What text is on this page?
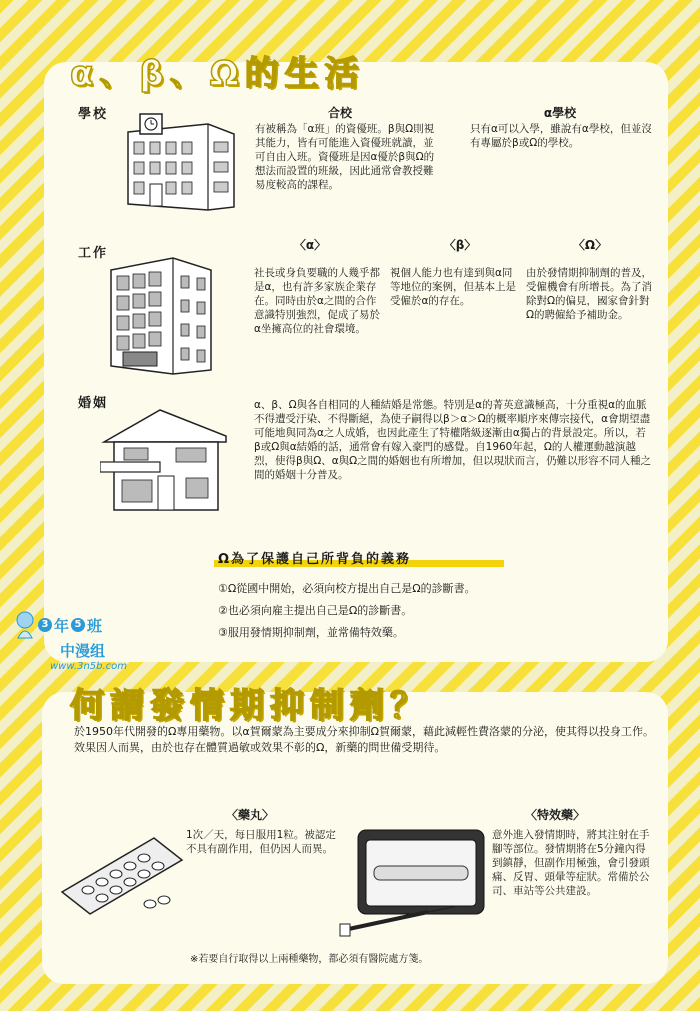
α、β、Ω的生活
學校	合校
有被稱為「α班」的資優班。β與Ω則視其能力，皆有可能進入資優班就讀，並可自由入班。資優班是因α優於β與Ω的想法而設置的班級，因此通常會教授難易度較高的課程。
α學校
只有α可以入學，雖說有α學校，但並沒有專屬於β或Ω的學校。
工作
〈α〉
社長或身負要職的人幾乎都是α，也有許多家族企業存在。同時由於α之間的合作意識特別強烈，促成了易於α坐擁高位的社會環境。
〈β〉
視個人能力也有達到與α同等地位的案例，但基本上是受僱於α的存在。
〈Ω〉
由於發情期抑制劑的普及，受僱機會有所增長。為了消除對Ω的偏見，國家會針對Ω的聘僱給予補助金。
婚姻	α、β、Ω與各自相同的人種結婚是常態。特別是α的菁英意識極高，十分重視α的血脈不得遭受汙染、不得斷絕，為使子嗣得以β＞α＞Ω的概率順序來傳宗接代，α會期望盡可能地與同為α之人成婚，也因此產生了特權階級逐漸由α獨占的背景設定。所以，若β或Ω與α結婚的話，通常會有嫁入豪門的感覺。自1960年起，Ω的人權運動越演越烈，使得β與Ω、α與Ω之間的婚姻也有所增加，但以現狀而言，仍難以形容不同人種之間的婚姻十分普及。
Ω為了保護自己所背負的義務
①Ω從國中開始，必須向校方提出自己是Ω的診斷書。
②也必須向雇主提出自己是Ω的診斷書。
③服用發情期抑制劑，並常備特效藥。
3 年 5 班
中漫组
www.3n5b.com
何謂發情期抑制劑？
於1950年代開發的Ω專用藥物。以α賀爾蒙為主要成分來抑制Ω賀爾蒙，藉此減輕性費洛蒙的分泌，使其得以投身工作。效果因人而異，由於也存在體質過敏或效果不彰的Ω，新藥的問世備受期待。
〈藥丸〉
1次／天，每日服用1粒。被認定不具有副作用，但仍因人而異。
〈特效藥〉
意外進入發情期時，將其注射在手腳等部位。發情期將在5分鐘內得到鎮靜，但副作用極強，會引發頭痛、反胃、頭暈等症狀。常備於公司、車站等公共建設。
※若要自行取得以上兩種藥物，都必須有醫院處方箋。
